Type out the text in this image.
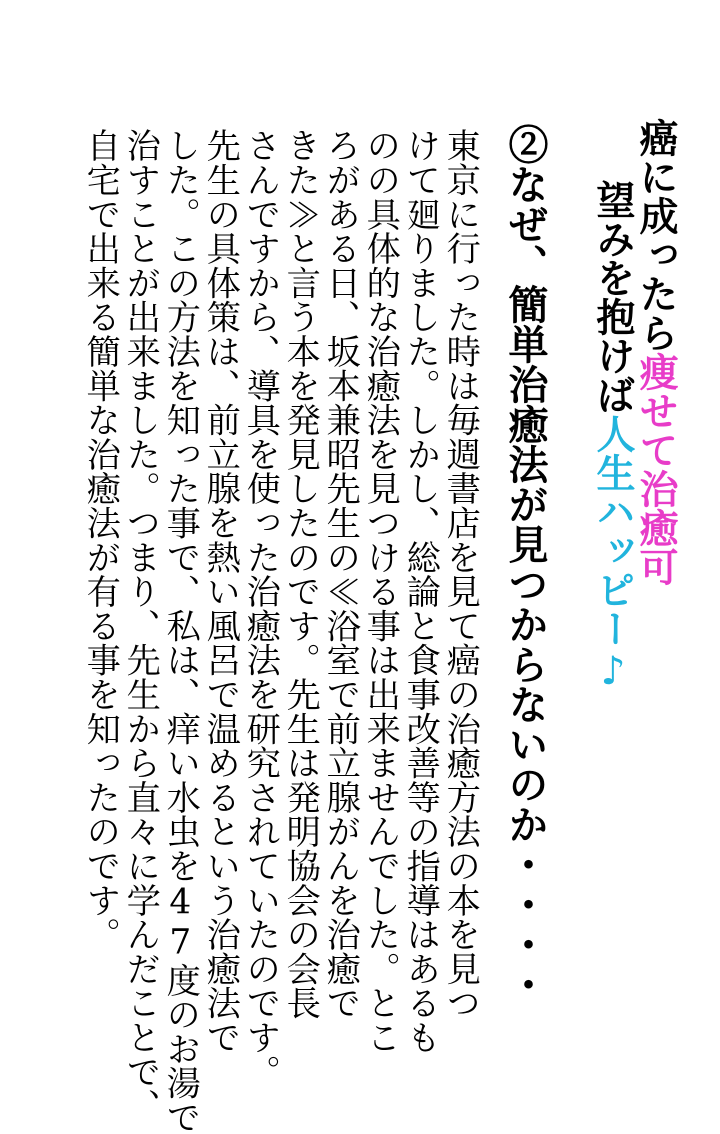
癌に成ったら痩せて治癒可
望みを抱けば人生ハッピー♪
②なぜ、簡単治癒法が見つからないのか・・・・
東京に行った時は毎週書店を見て癌の治癒方法の本を見つ
けて廻りました。しかし、総論と食事改善等の指導はあるも
のの具体的な治癒法を見つける事は出来ませんでした。とこ
ろがある日、坂本兼昭先生の≪浴室で前立腺がんを治癒で
きた≫と言う本を発見したのです。先生は発明協会の会長
さんですから、導具を使った治癒法を研究されていたのです。
先生の具体策は、前立腺を熱い風呂で温めるという治癒法で
した。この方法を知った事で、私は、痒い水虫を47度のお湯で
治すことが出来ました。つまり、先生から直々に学んだことで、
自宅で出来る簡単な治癒法が有る事を知ったのです。
